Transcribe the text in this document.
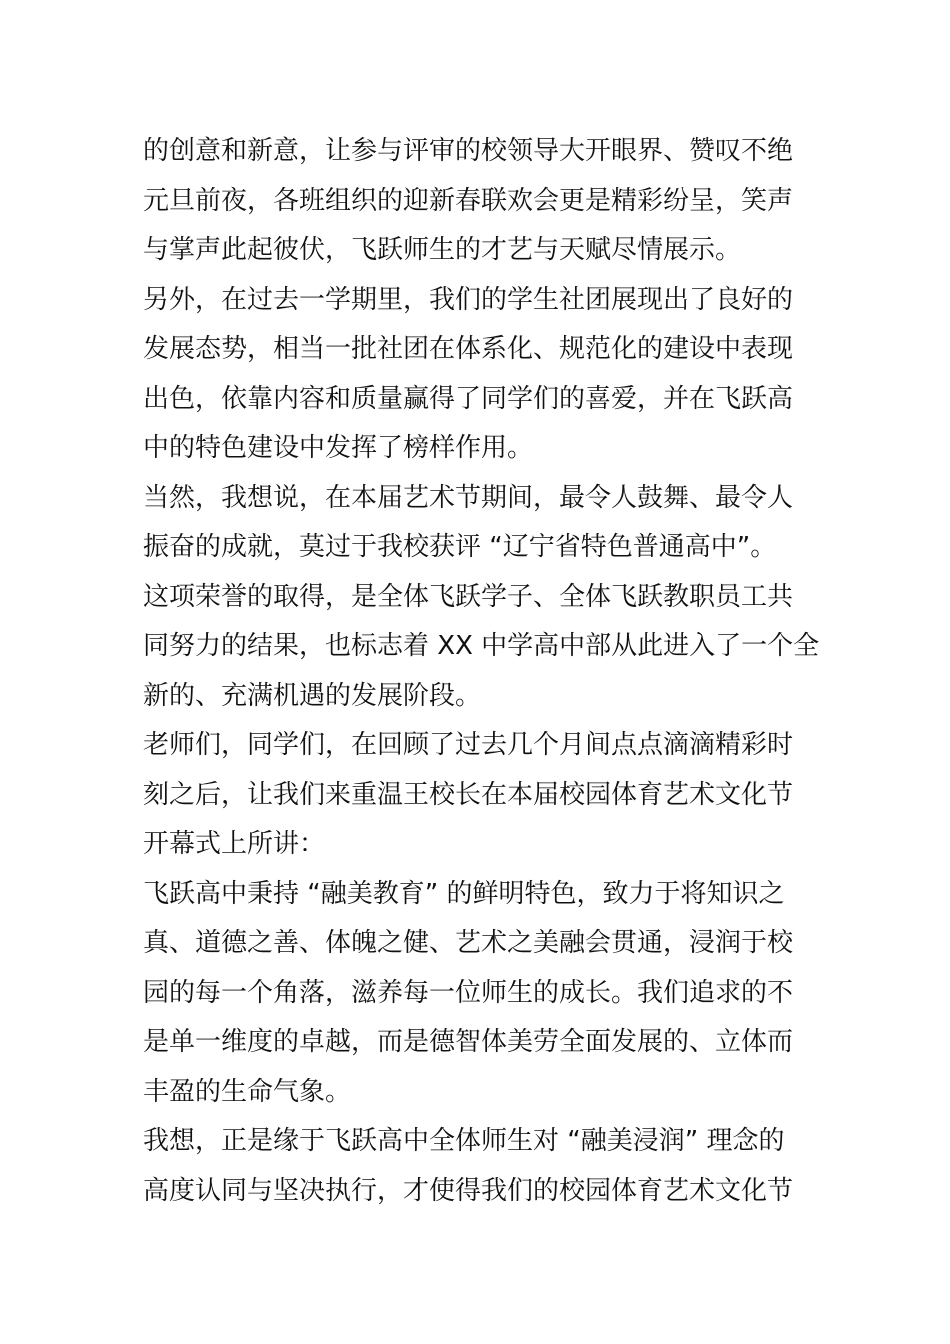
的创意和新意，让参与评审的校领导大开眼界、赞叹不绝
元旦前夜，各班组织的迎新春联欢会更是精彩纷呈，笑声
与掌声此起彼伏，飞跃师生的才艺与天赋尽情展示。
另外，在过去一学期里，我们的学生社团展现出了良好的
发展态势，相当一批社团在体系化、规范化的建设中表现
出色，依靠内容和质量赢得了同学们的喜爱，并在飞跃高
中的特色建设中发挥了榜样作用。
当然，我想说，在本届艺术节期间，最令人鼓舞、最令人
振奋的成就，莫过于我校获评 “辽宁省特色普通高中”。
这项荣誉的取得，是全体飞跃学子、全体飞跃教职员工共
同努力的结果，也标志着 XX 中学高中部从此进入了一个全
新的、充满机遇的发展阶段。
老师们，同学们，在回顾了过去几个月间点点滴滴精彩时
刻之后，让我们来重温王校长在本届校园体育艺术文化节
开幕式上所讲：
飞跃高中秉持 “融美教育” 的鲜明特色，致力于将知识之
真、道德之善、体魄之健、艺术之美融会贯通，浸润于校
园的每一个角落，滋养每一位师生的成长。我们追求的不
是单一维度的卓越，而是德智体美劳全面发展的、立体而
丰盈的生命气象。
我想，正是缘于飞跃高中全体师生对 “融美浸润” 理念的
高度认同与坚决执行，才使得我们的校园体育艺术文化节
